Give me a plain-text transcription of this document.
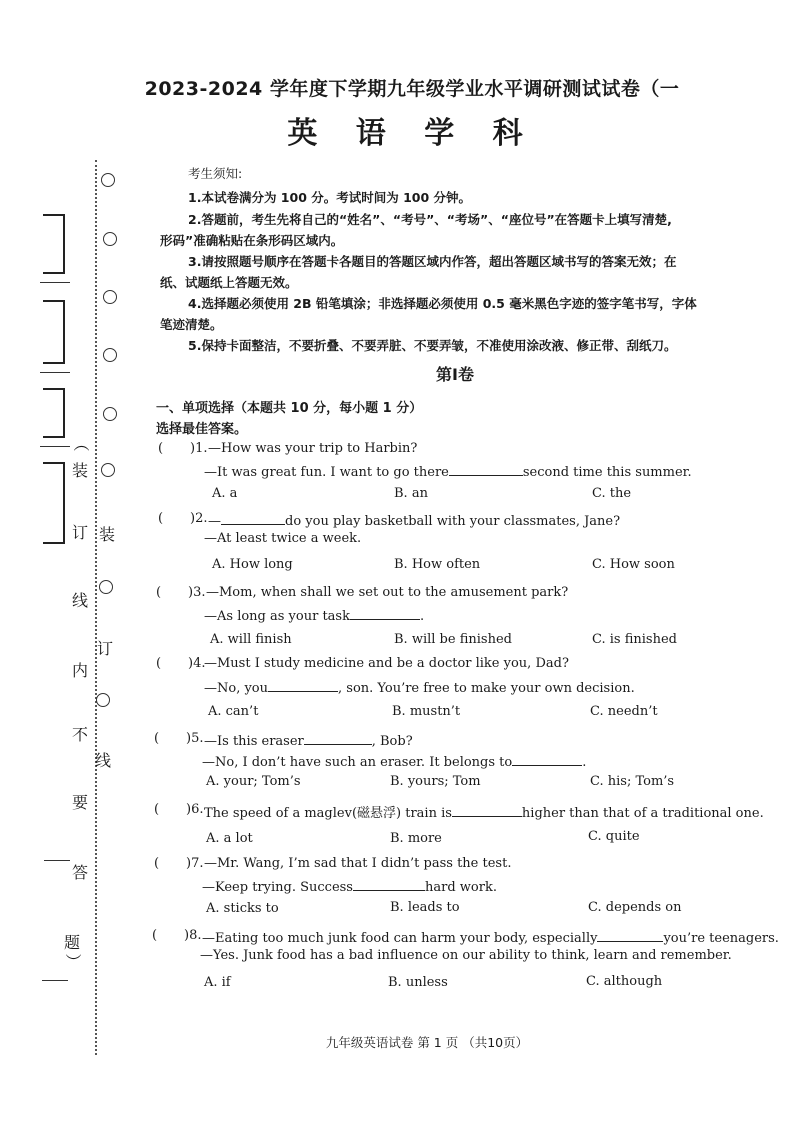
（
装
订
线
内
不
要
答
题
）
装
订
线
2023-2024 学年度下学期九年级学业水平调研测试试卷（一
英 语 学 科
考生须知:
1.本试卷满分为 100 分。考试时间为 100 分钟。
2.答题前，考生先将自己的“姓名”、“考号”、“考场”、“座位号”在答题卡上填写清楚,
形码”准确粘贴在条形码区域内。
3.请按照题号顺序在答题卡各题目的答题区域内作答，超出答题区域书写的答案无效；在
纸、试题纸上答题无效。
4.选择题必须使用 2B 铅笔填涂；非选择题必须使用 0.5 毫米黑色字迹的签字笔书写，字体
笔迹清楚。
5.保持卡面整洁，不要折叠、不要弄脏、不要弄皱，不准使用涂改液、修正带、刮纸刀。
第Ⅰ卷
一、单项选择（本题共 10 分，每小题 1 分）
选择最佳答案。
( )1. —How was your trip to Harbin?
—It was great fun. I want to go there	second time this summer.
A. a	B. an	C. the
( )2. —	do you play basketball with your classmates, Jane?
—At least twice a week.
A. How long	B. How often	C. How soon
( )3. —Mom, when shall we set out to the amusement park?
—As long as your task	.
A. will finish	B. will be finished	C. is finished
( )4.
—Must I study medicine and be a doctor like you, Dad?
—No, you	, son. You’re free to make your own decision.
A. can’t	B. mustn’t	C. needn’t
( )5. —Is this eraser	, Bob?
—No, I don’t have such an eraser. It belongs to	.
A. your; Tom’s	B. yours; Tom	C. his; Tom’s
( )6. The speed of a maglev(磁悬浮) train is	higher than that of a traditional one.
A. a lot	B. more	C. quite
( )7. —Mr. Wang, I’m sad that I didn’t pass the test.
—Keep trying. Success	hard work.
A. sticks to	B. leads to	C. depends on
( )8. —Eating too much junk food can harm your body, especially	you’re teenagers.
—Yes. Junk food has a bad influence on our ability to think, learn and remember.
A. if	B. unless	C. although
九年级英语试卷 第 1 页 （共10页）
